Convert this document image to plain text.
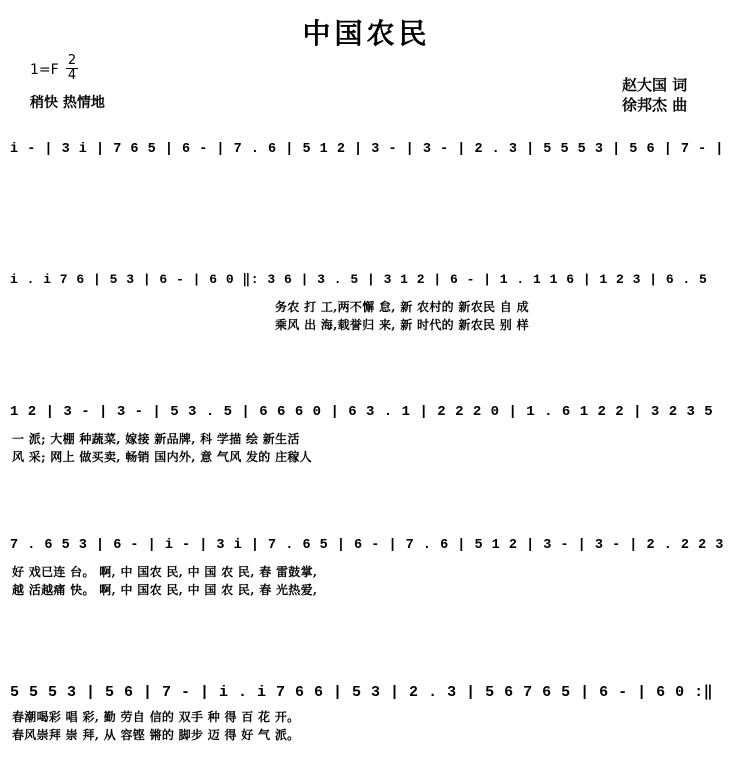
中国农民
$1=F \frac{2}{4}$
稍快 热情地
赵大国 词
徐邦杰 曲
i - | 3 i | 7 6 5 | 6 - | 7 . 6 | 5 1 2 | 3 - | 3 - | 2 . 3 | 5 5 5 3 | 5 6 | 7 - |
i . i 7 6 | 5 3 | 6 - | 6 0 ‖: 3 6 | 3 . 5 | 3 1 2 | 6 - | 1 . 1 1 6 | 1 2 3 | 6 . 5
务农 打 工,两不懈 怠, 新 农村的 新农民 自 成
乘风 出 海,载誉归 来, 新 时代的 新农民 别 样
1 2 | 3 - | 3 - | 5 3 . 5 | 6 6 6 0 | 6 3 . 1 | 2 2 2 0 | 1 . 6 1 2 2 | 3 2 3 5
一 派; 大棚 种蔬菜, 嫁接 新品牌, 科 学描 绘 新生活
风 采; 网上 做买卖, 畅销 国内外, 意 气风 发的 庄稼人
7 . 6 5 3 | 6 - | i - | 3 i | 7 . 6 5 | 6 - | 7 . 6 | 5 1 2 | 3 - | 3 - | 2 . 2 2 3
好 戏已连 台。 啊, 中 国农 民, 中 国 农 民, 春 雷鼓掌,
越 活越痛 快。 啊, 中 国农 民, 中 国 农 民, 春 光热爱,
5 5 5 3 | 5 6 | 7 - | i . i 7 6 6 | 5 3 | 2 . 3 | 5 6 7 6 5 | 6 - | 6 0 :‖
春潮喝彩 唱 彩, 勤 劳自 信的 双手 种 得 百 花 开。
春风崇拜 崇 拜, 从 容铿 锵的 脚步 迈 得 好 气 派。
